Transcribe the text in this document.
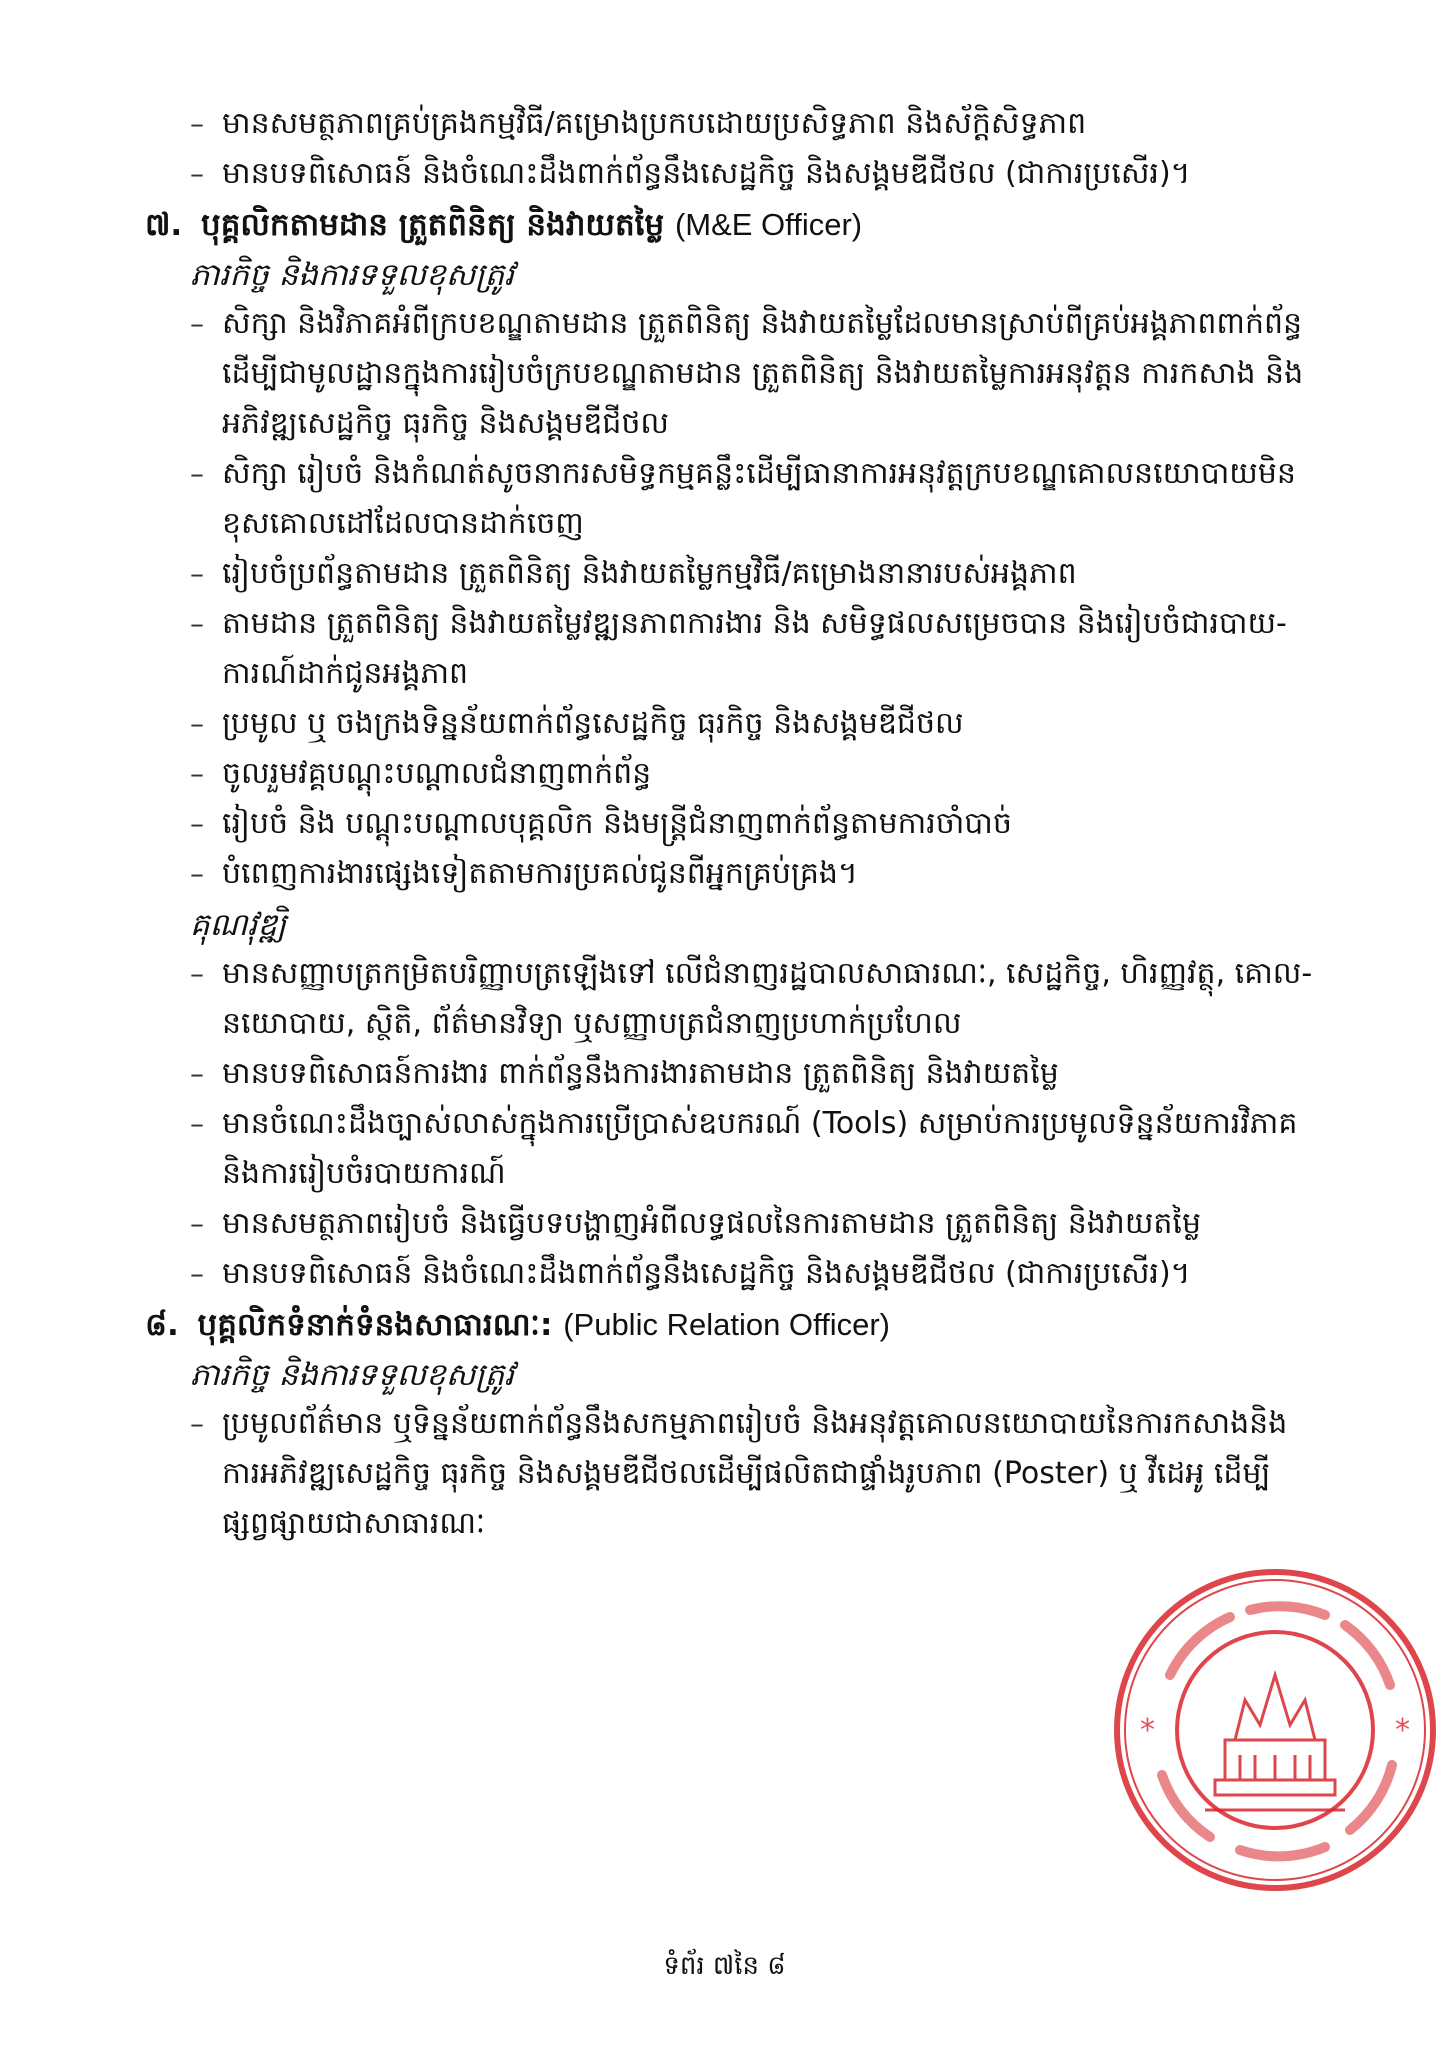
– មានសមត្ថភាពគ្រប់គ្រងកម្មវិធី/គម្រោងប្រកបដោយប្រសិទ្ធភាព និងស័ក្តិសិទ្ធភាព
– មានបទពិសោធន៍ និងចំណេះដឹងពាក់ព័ន្ធនឹងសេដ្ឋកិច្ច និងសង្គមឌីជីថល (ជាការប្រសើរ)។
៧. បុគ្គលិកតាមដាន ត្រួតពិនិត្យ និងវាយតម្លៃ (M&E Officer)
ភារកិច្ច និងការទទួលខុសត្រូវ
– សិក្សា និងវិភាគអំពីក្របខណ្ឌតាមដាន ត្រួតពិនិត្យ និងវាយតម្លៃដែលមានស្រាប់ពីគ្រប់អង្គភាពពាក់ព័ន្ធ
ដើម្បីជាមូលដ្ឋានក្នុងការរៀបចំក្របខណ្ឌតាមដាន ត្រួតពិនិត្យ និងវាយតម្លៃការអនុវត្តន ការកសាង និង
អភិវឌ្ឍសេដ្ឋកិច្ច ធុរកិច្ច និងសង្គមឌីជីថល
– សិក្សា រៀបចំ និងកំណត់សូចនាករសមិទ្ធកម្មគន្លឹះដើម្បីធានាការអនុវត្តក្របខណ្ឌគោលនយោបាយមិន
ខុសគោលដៅដែលបានដាក់ចេញ
– រៀបចំប្រព័ន្ធតាមដាន ត្រួតពិនិត្យ និងវាយតម្លៃកម្មវិធី/គម្រោងនានារបស់អង្គភាព
– តាមដាន ត្រួតពិនិត្យ និងវាយតម្លៃវឌ្ឍនភាពការងារ និង សមិទ្ធផលសម្រេចបាន និងរៀបចំជារបាយ-
ការណ៍ដាក់ជូនអង្គភាព
– ប្រមូល ឬ ចងក្រងទិន្នន័យពាក់ព័ន្ធសេដ្ឋកិច្ច ធុរកិច្ច និងសង្គមឌីជីថល
– ចូលរួមវគ្គបណ្តុះបណ្តាលជំនាញពាក់ព័ន្ធ
– រៀបចំ និង បណ្តុះបណ្តាលបុគ្គលិក និងមន្ត្រីជំនាញពាក់ព័ន្ធតាមការចាំបាច់
– បំពេញការងារផ្សេងទៀតតាមការប្រគល់ជូនពីអ្នកគ្រប់គ្រង។
គុណវុឌ្ឍិ
– មានសញ្ញាបត្រកម្រិតបរិញ្ញាបត្រឡើងទៅ លើជំនាញរដ្ឋបាលសាធារណៈ, សេដ្ឋកិច្ច, ហិរញ្ញវត្ថុ, គោល-
នយោបាយ, ស្ថិតិ, ព័ត៌មានវិទ្យា ឬសញ្ញាបត្រជំនាញប្រហាក់ប្រហែល
– មានបទពិសោធន៍ការងារ ពាក់ព័ន្ធនឹងការងារតាមដាន ត្រួតពិនិត្យ និងវាយតម្លៃ
– មានចំណេះដឹងច្បាស់លាស់ក្នុងការប្រើប្រាស់ឧបករណ៍ (Tools) សម្រាប់ការប្រមូលទិន្នន័យការវិភាគ
និងការរៀបចំរបាយការណ៍
– មានសមត្ថភាពរៀបចំ និងធ្វើបទបង្ហាញអំពីលទ្ធផលនៃការតាមដាន ត្រួតពិនិត្យ និងវាយតម្លៃ
– មានបទពិសោធន៍ និងចំណេះដឹងពាក់ព័ន្ធនឹងសេដ្ឋកិច្ច និងសង្គមឌីជីថល (ជាការប្រសើរ)។
៨. បុគ្គលិកទំនាក់ទំនងសាធារណៈ: (Public Relation Officer)
ភារកិច្ច និងការទទួលខុសត្រូវ
– ប្រមូលព័ត៌មាន ឬទិន្នន័យពាក់ព័ន្ធនឹងសកម្មភាពរៀបចំ និងអនុវត្តគោលនយោបាយនៃការកសាងនិង
ការអភិវឌ្ឍសេដ្ឋកិច្ច ធុរកិច្ច និងសង្គមឌីជីថលដើម្បីផលិតជាផ្ទាំងរូបភាព (Poster) ឬ វីដេអូ ដើម្បី
ផ្សព្វផ្សាយជាសាធារណៈ
*	*
ទំព័រ ៧នៃ ៨
